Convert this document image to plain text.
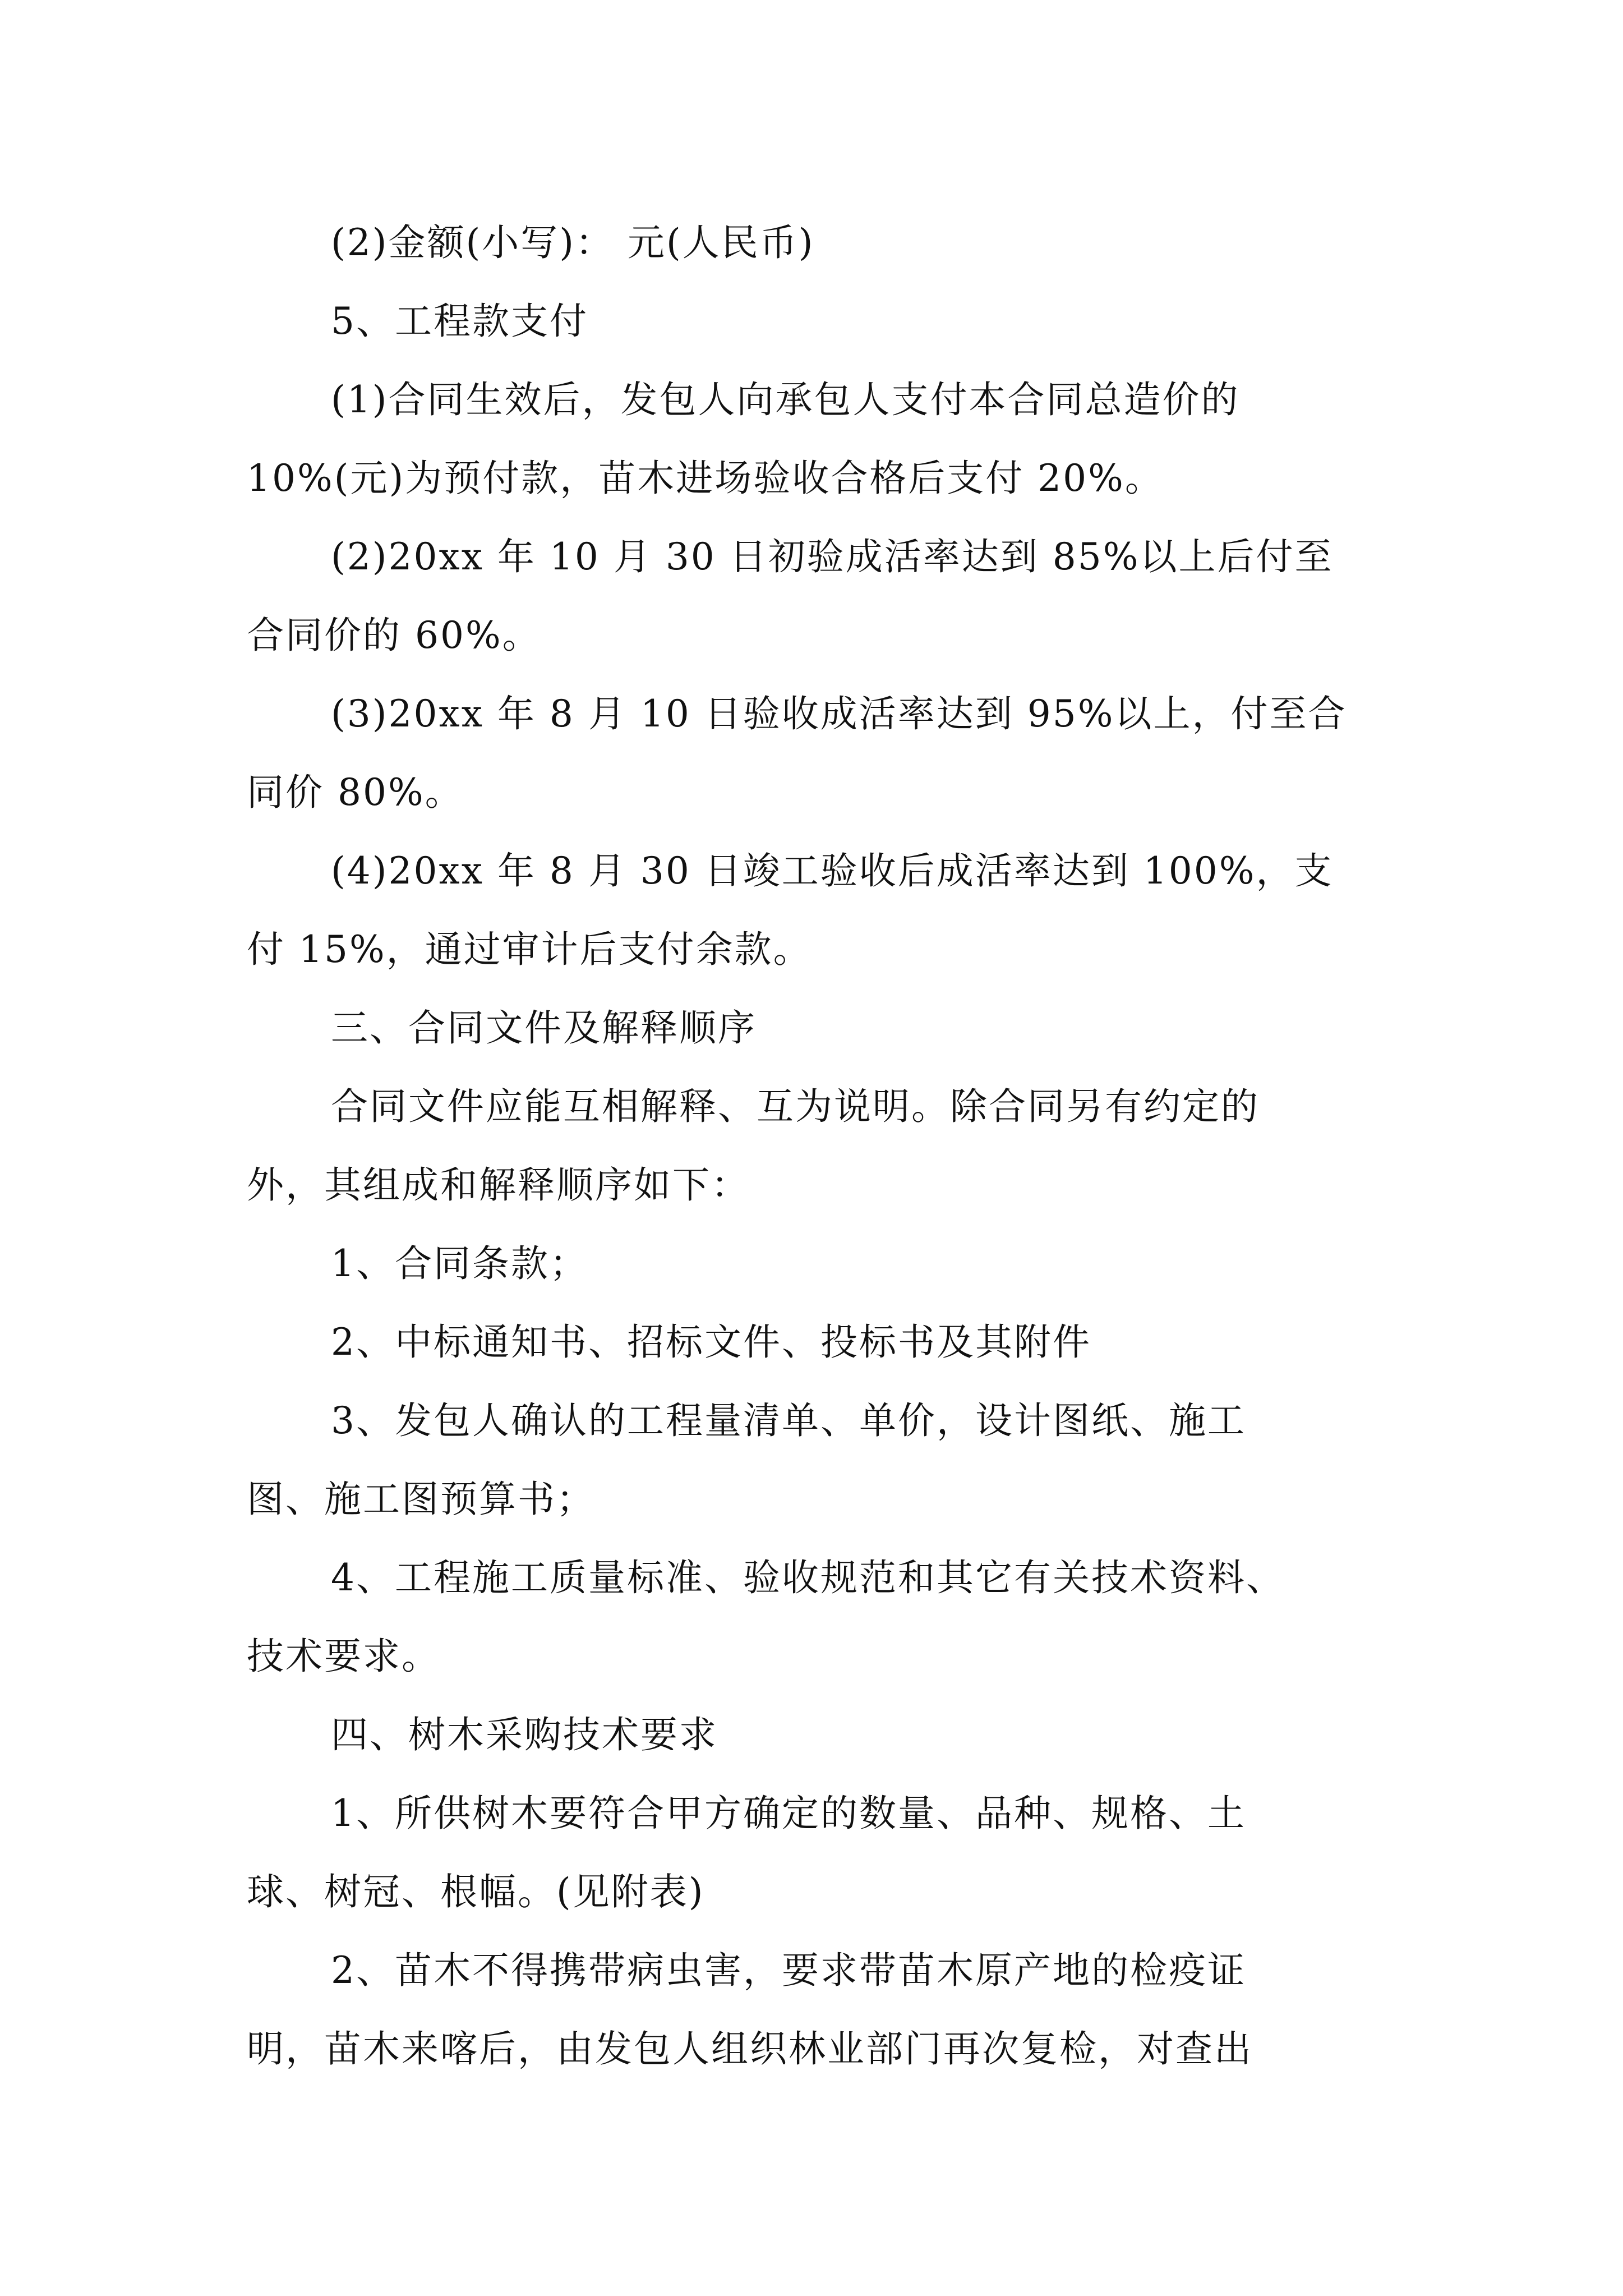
(2)金额(小写)： 元(人民币)
5、工程款支付
(1)合同生效后，发包人向承包人支付本合同总造价的
10%(元)为预付款，苗木进场验收合格后支付 20%。
(2)20xx 年 10 月 30 日初验成活率达到 85%以上后付至
合同价的 60%。
(3)20xx 年 8 月 10 日验收成活率达到 95%以上，付至合
同价 80%。
(4)20xx 年 8 月 30 日竣工验收后成活率达到 100%，支
付 15%，通过审计后支付余款。
三、合同文件及解释顺序
合同文件应能互相解释、互为说明。除合同另有约定的
外，其组成和解释顺序如下：
1、合同条款；
2、中标通知书、招标文件、投标书及其附件
3、发包人确认的工程量清单、单价，设计图纸、施工
图、施工图预算书；
4、工程施工质量标准、验收规范和其它有关技术资料、
技术要求。
四、树木采购技术要求
1、所供树木要符合甲方确定的数量、品种、规格、土
球、树冠、根幅。(见附表)
2、苗木不得携带病虫害，要求带苗木原产地的检疫证
明，苗木来喀后，由发包人组织林业部门再次复检，对查出
